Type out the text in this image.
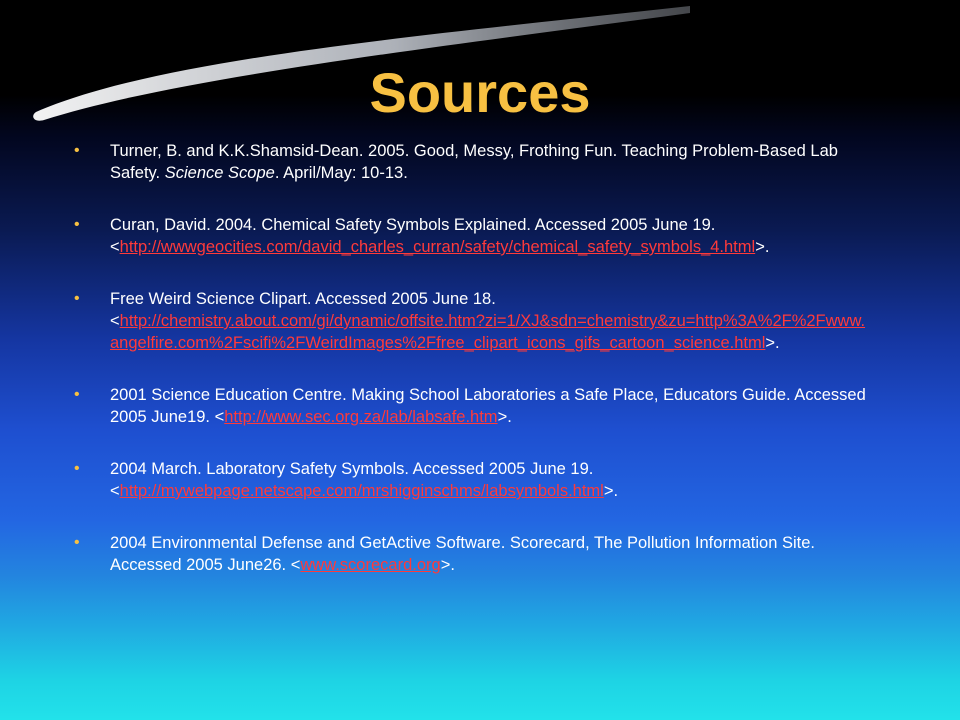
Sources
• Turner, B. and K.K.Shamsid-Dean. 2005. Good, Messy, Frothing Fun. Teaching Problem-Based Lab Safety. Science Scope. April/May: 10-13.
• Curan, David. 2004. Chemical Safety Symbols Explained. Accessed 2005 June 19.
<http://wwwgeocities.com/david_charles_curran/safety/chemical_safety_symbols_4.html>.
• Free Weird Science Clipart. Accessed 2005 June 18.
<http://chemistry.about.com/gi/dynamic/offsite.htm?zi=1/XJ&sdn=chemistry&zu=http%3A%2F%2Fwww.angelfire.com%2Fscifi%2FWeirdImages%2Ffree_clipart_icons_gifs_cartoon_science.html>.
• 2001 Science Education Centre. Making School Laboratories a Safe Place, Educators Guide. Accessed 2005 June19. <http://www.sec.org.za/lab/labsafe.htm>.
• 2004 March. Laboratory Safety Symbols. Accessed 2005 June 19.
<http://mywebpage.netscape.com/mrshigginschms/labsymbols.html>.
• 2004 Environmental Defense and GetActive Software. Scorecard, The Pollution Information Site. Accessed 2005 June26. <www.scorecard.org>.
